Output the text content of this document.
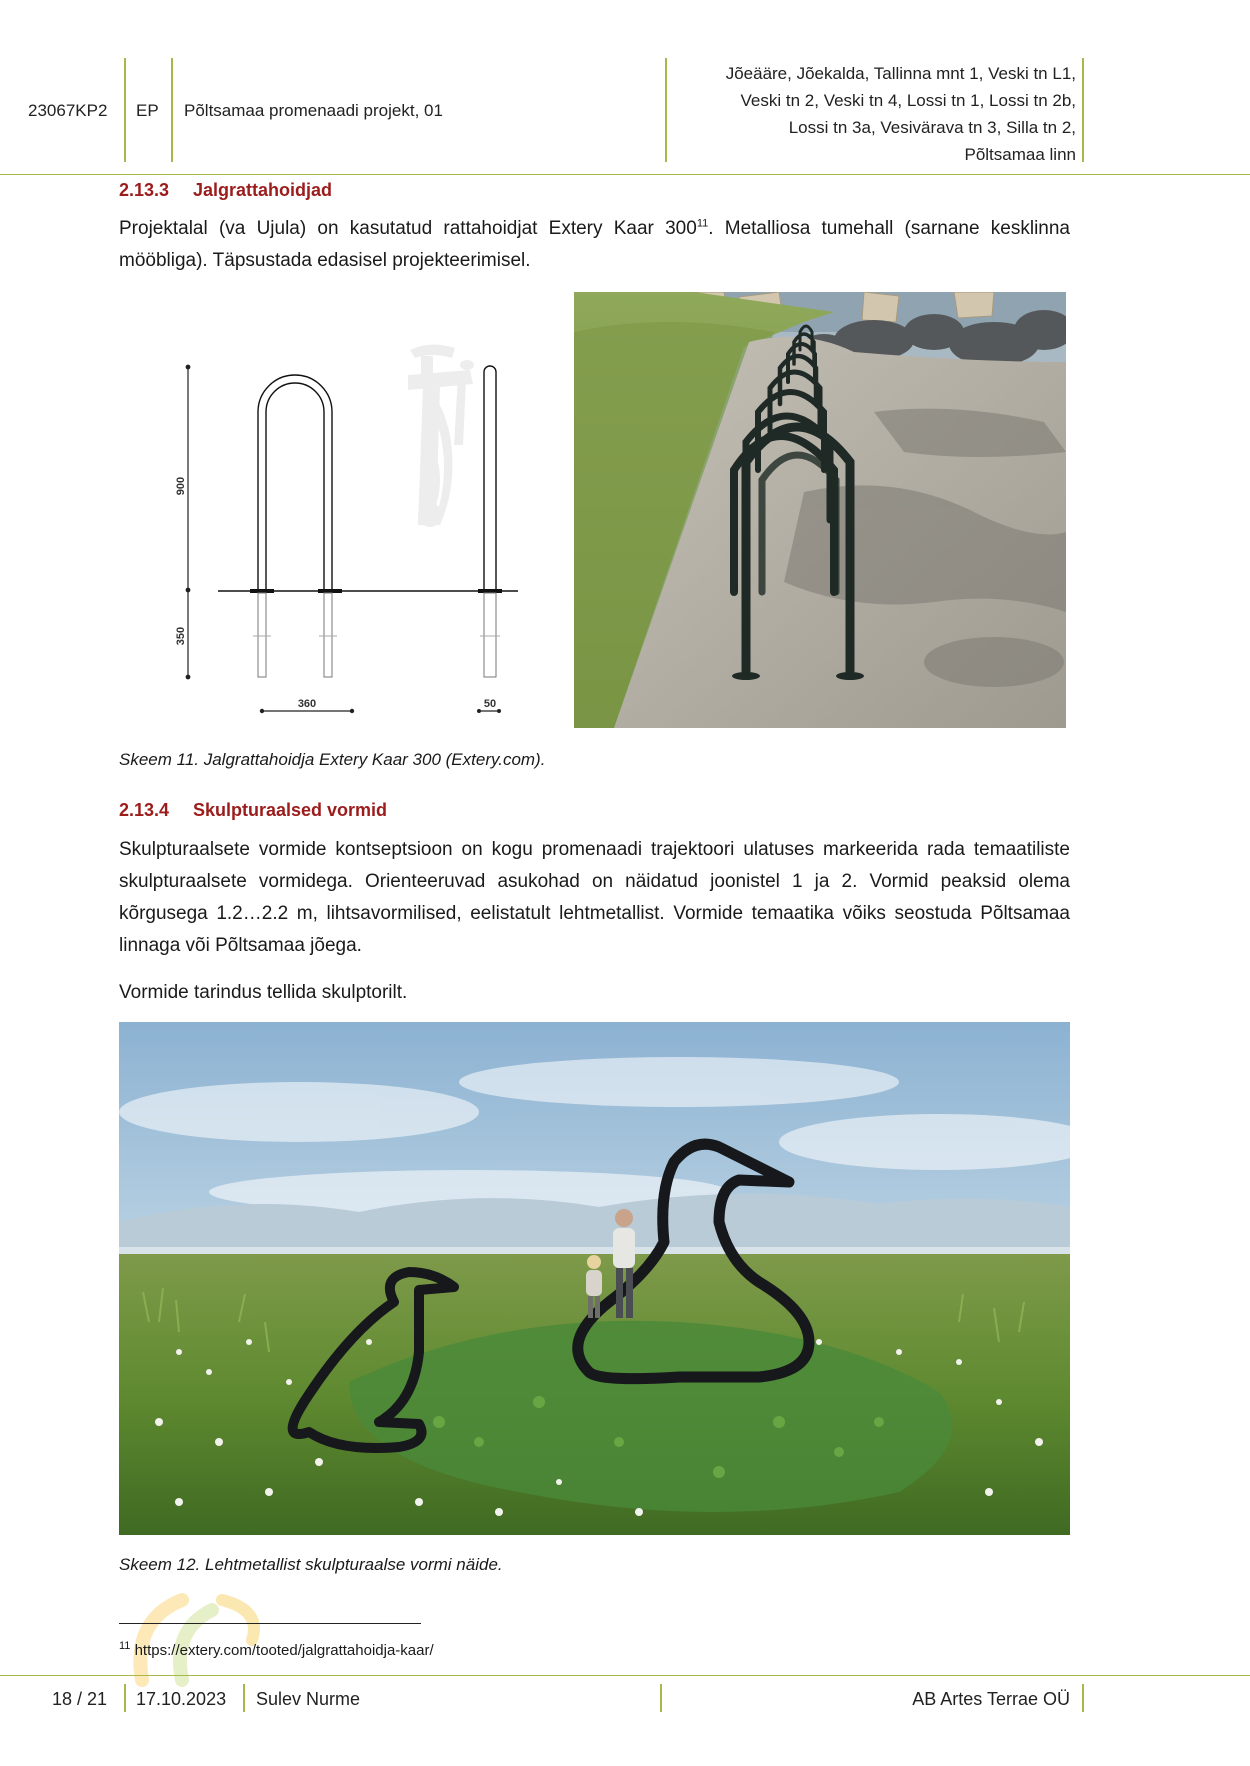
23067KP2 EP Põltsamaa promenaadi projekt, 01
Jõeääre, Jõekalda, Tallinna mnt 1, Veski tn L1,
Veski tn 2, Veski tn 4, Lossi tn 1, Lossi tn 2b,
Lossi tn 3a, Vesivärava tn 3, Silla tn 2,
Põltsamaa linn
2.13.3 Jalgrattahoidjad
Projektalal (va Ujula) on kasutatud rattahoidjat Extery Kaar $300^{11}$. Metalliosa tumehall (sarnane kesklinna mööbliga). Täpsustada edasisel projekteerimisel.
900
350
360	50
Skeem 11. Jalgrattahoidja Extery Kaar 300 (Extery.com).
2.13.4 Skulpturaalsed vormid
Skulpturaalsete vormide kontseptsioon on kogu promenaadi trajektoori ulatuses markeerida rada temaatiliste skulpturaalsete vormidega. Orienteeruvad asukohad on näidatud joonistel 1 ja 2. Vormid peaksid olema kõrgusega 1.2…2.2 m, lihtsavormilised, eelistatult lehtmetallist. Vormide temaatika võiks seostuda Põltsamaa linnaga või Põltsamaa jõega.
Vormide tarindus tellida skulptorilt.
Skeem 12. Lehtmetallist skulpturaalse vormi näide.
$^{11}$ https://extery.com/tooted/jalgrattahoidja-kaar/
18 / 21 17.10.2023 Sulev Nurme	AB Artes Terrae OÜ
